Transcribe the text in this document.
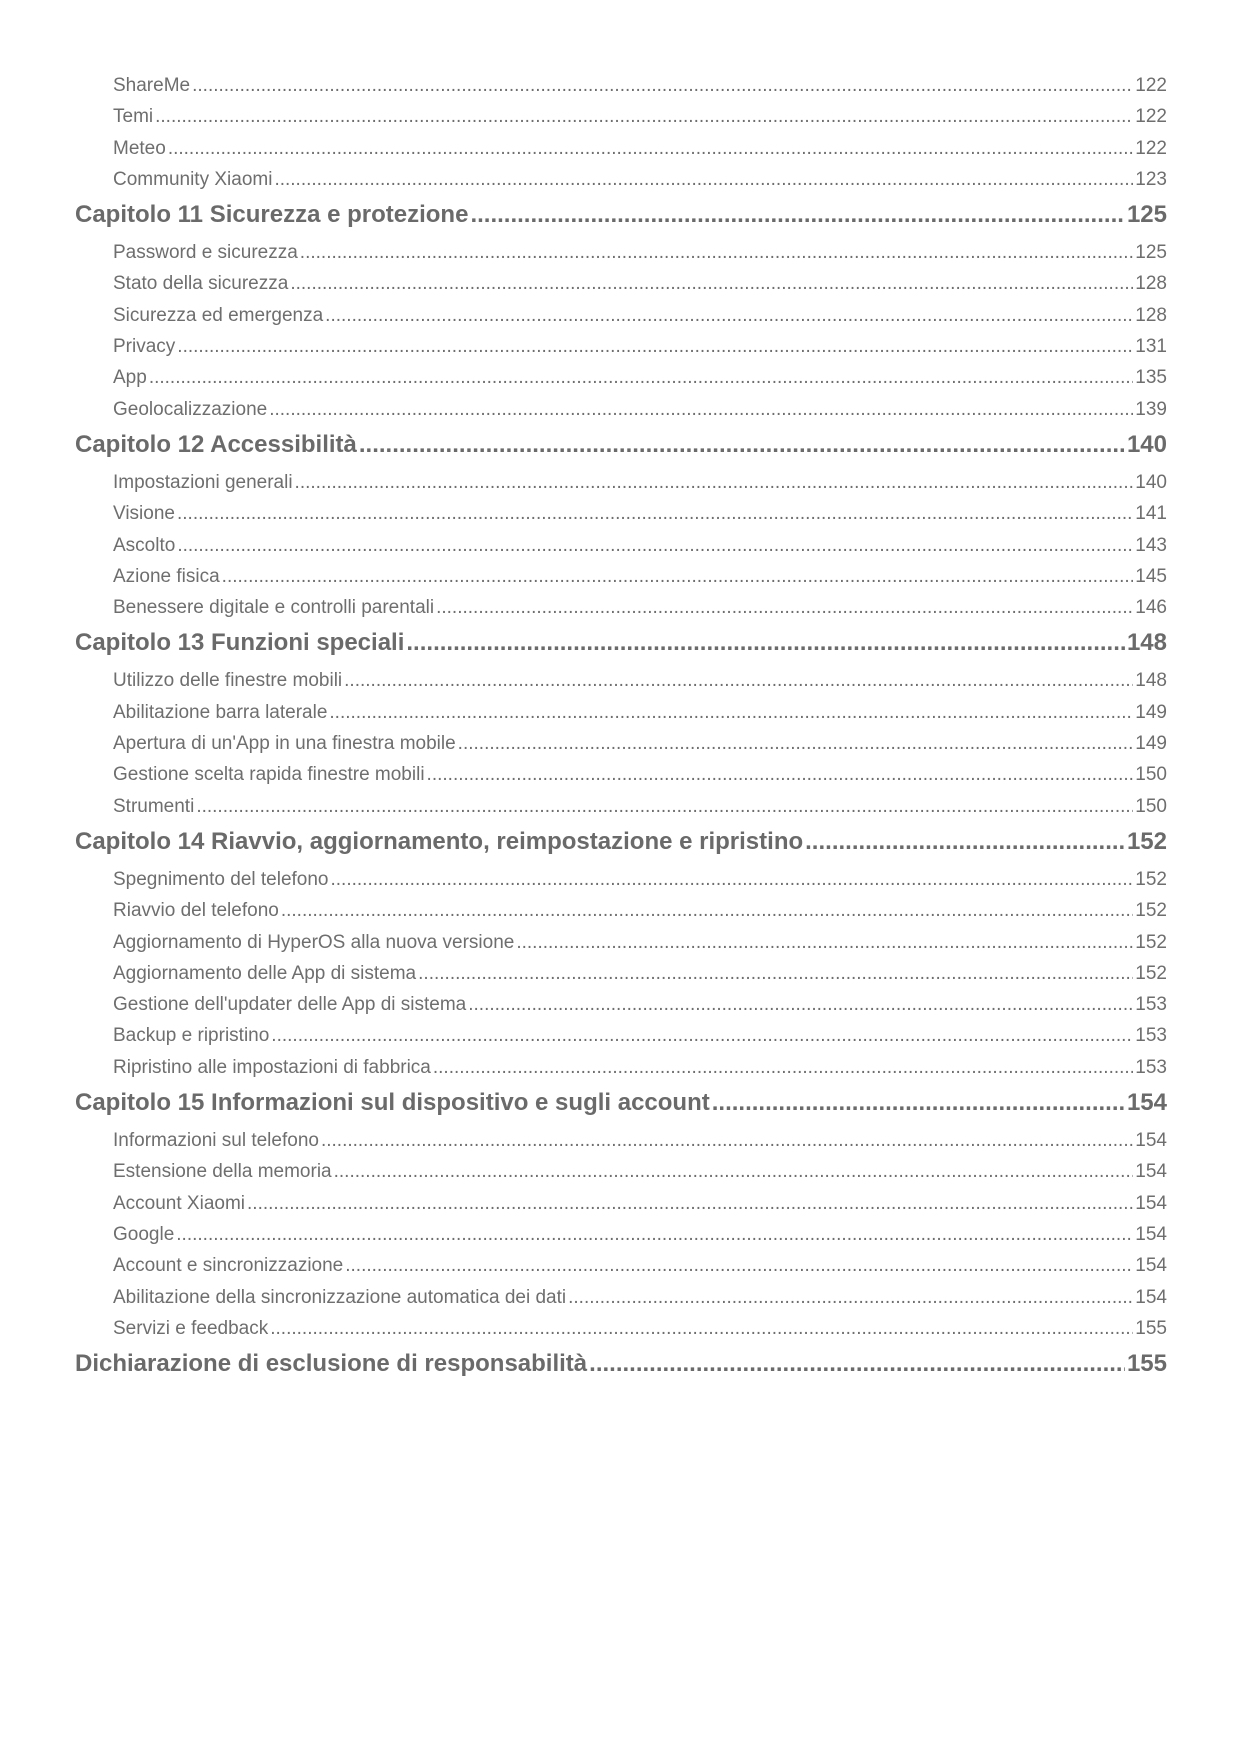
ShareMe .....	122
Temi .....	122
Meteo .....	122
Community Xiaomi .....	123
Capitolo 11 Sicurezza e protezione .....	125
Password e sicurezza .....	125
Stato della sicurezza .....	128
Sicurezza ed emergenza .....	128
Privacy .....	131
App .....	135
Geolocalizzazione .....	139
Capitolo 12 Accessibilità .....	140
Impostazioni generali .....	140
Visione .....	141
Ascolto .....	143
Azione fisica .....	145
Benessere digitale e controlli parentali .....	146
Capitolo 13 Funzioni speciali .....	148
Utilizzo delle finestre mobili .....	148
Abilitazione barra laterale .....	149
Apertura di un'App in una finestra mobile .....	149
Gestione scelta rapida finestre mobili .....	150
Strumenti .....	150
Capitolo 14 Riavvio, aggiornamento, reimpostazione e ripristino .....	152
Spegnimento del telefono .....	152
Riavvio del telefono .....	152
Aggiornamento di HyperOS alla nuova versione .....	152
Aggiornamento delle App di sistema .....	152
Gestione dell'updater delle App di sistema .....	153
Backup e ripristino .....	153
Ripristino alle impostazioni di fabbrica .....	153
Capitolo 15 Informazioni sul dispositivo e sugli account .....	154
Informazioni sul telefono .....	154
Estensione della memoria .....	154
Account Xiaomi .....	154
Google .....	154
Account e sincronizzazione .....	154
Abilitazione della sincronizzazione automatica dei dati .....	154
Servizi e feedback .....	155
Dichiarazione di esclusione di responsabilità .....	155
